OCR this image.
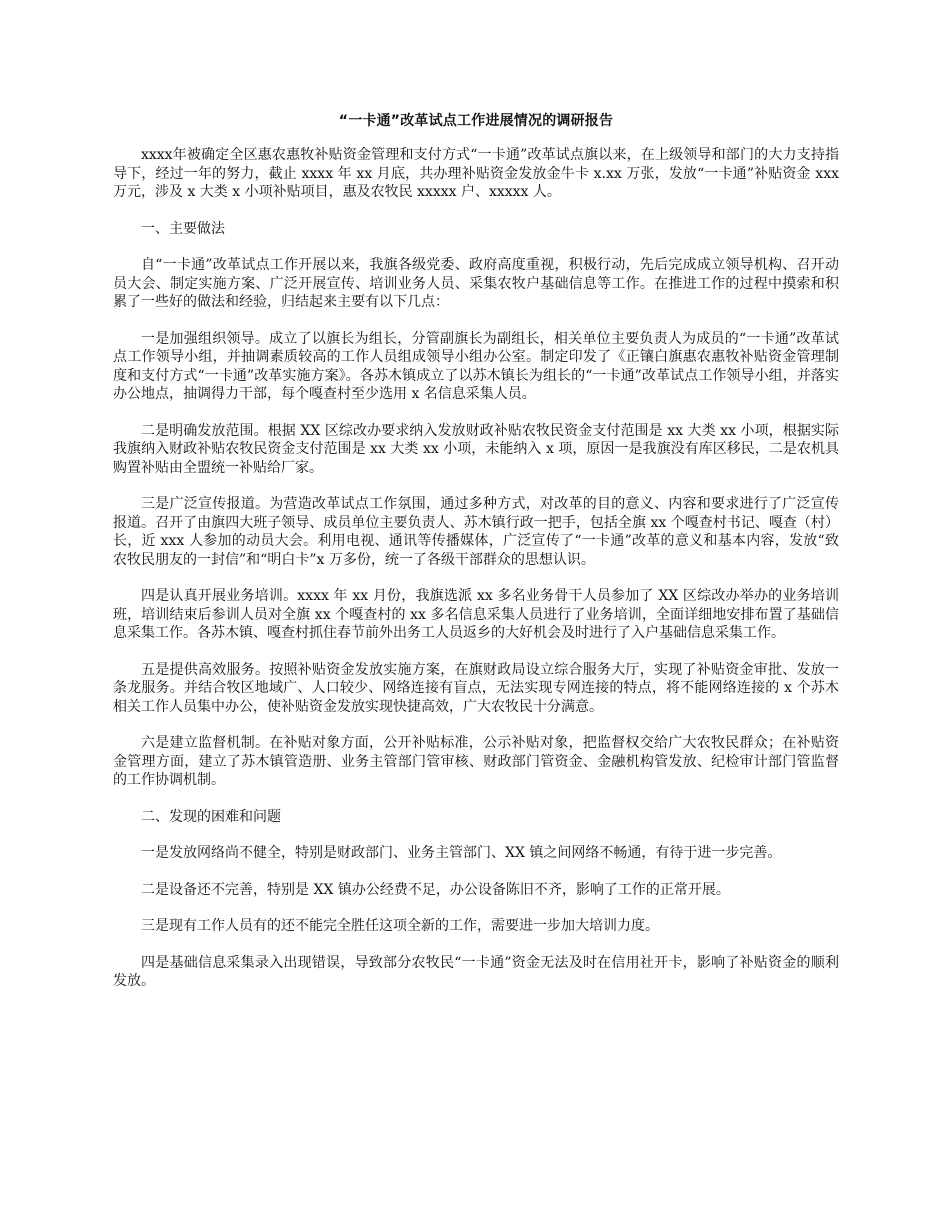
“一卡通”改革试点工作进展情况的调研报告

xxxx年被确定全区惠农惠牧补贴资金管理和支付方式“一卡通”改革试点旗以来，在上级领导和部门的大力支持指导下，经过一年的努力，截止 xxxx 年 xx 月底，共办理补贴资金发放金牛卡 x.xx 万张，发放“一卡通”补贴资金 xxx 万元，涉及 x 大类 x 小项补贴项目，惠及农牧民 xxxxx 户、xxxxx 人。

一、主要做法

自“一卡通”改革试点工作开展以来，我旗各级党委、政府高度重视，积极行动，先后完成成立领导机构、召开动员大会、制定实施方案、广泛开展宣传、培训业务人员、采集农牧户基础信息等工作。在推进工作的过程中摸索和积累了一些好的做法和经验，归结起来主要有以下几点：

一是加强组织领导。成立了以旗长为组长，分管副旗长为副组长，相关单位主要负责人为成员的“一卡通”改革试点工作领导小组，并抽调素质较高的工作人员组成领导小组办公室。制定印发了《正镶白旗惠农惠牧补贴资金管理制度和支付方式“一卡通”改革实施方案》。各苏木镇成立了以苏木镇长为组长的“一卡通”改革试点工作领导小组，并落实办公地点，抽调得力干部，每个嘎查村至少选用 x 名信息采集人员。

二是明确发放范围。根据 XX 区综改办要求纳入发放财政补贴农牧民资金支付范围是 xx 大类 xx 小项，根据实际我旗纳入财政补贴农牧民资金支付范围是 xx 大类 xx 小项，未能纳入 x 项，原因一是我旗没有库区移民，二是农机具购置补贴由全盟统一补贴给厂家。

三是广泛宣传报道。为营造改革试点工作氛围，通过多种方式，对改革的目的意义、内容和要求进行了广泛宣传报道。召开了由旗四大班子领导、成员单位主要负责人、苏木镇行政一把手，包括全旗 xx 个嘎查村书记、嘎查（村）长，近 xxx 人参加的动员大会。利用电视、通讯等传播媒体，广泛宣传了“一卡通”改革的意义和基本内容，发放“致农牧民朋友的一封信”和“明白卡”x 万多份，统一了各级干部群众的思想认识。

四是认真开展业务培训。xxxx 年 xx 月份，我旗选派 xx 多名业务骨干人员参加了 XX 区综改办举办的业务培训班，培训结束后参训人员对全旗 xx 个嘎查村的 xx 多名信息采集人员进行了业务培训，全面详细地安排布置了基础信息采集工作。各苏木镇、嘎查村抓住春节前外出务工人员返乡的大好机会及时进行了入户基础信息采集工作。

五是提供高效服务。按照补贴资金发放实施方案，在旗财政局设立综合服务大厅，实现了补贴资金审批、发放一条龙服务。并结合牧区地域广、人口较少、网络连接有盲点，无法实现专网连接的特点，将不能网络连接的 x 个苏木相关工作人员集中办公，使补贴资金发放实现快捷高效，广大农牧民十分满意。

六是建立监督机制。在补贴对象方面，公开补贴标准，公示补贴对象，把监督权交给广大农牧民群众；在补贴资金管理方面，建立了苏木镇管造册、业务主管部门管审核、财政部门管资金、金融机构管发放、纪检审计部门管监督的工作协调机制。

二、发现的困难和问题

一是发放网络尚不健全，特别是财政部门、业务主管部门、XX 镇之间网络不畅通，有待于进一步完善。

二是设备还不完善，特别是 XX 镇办公经费不足，办公设备陈旧不齐，影响了工作的正常开展。

三是现有工作人员有的还不能完全胜任这项全新的工作，需要进一步加大培训力度。

四是基础信息采集录入出现错误，导致部分农牧民“一卡通”资金无法及时在信用社开卡，影响了补贴资金的顺利发放。
